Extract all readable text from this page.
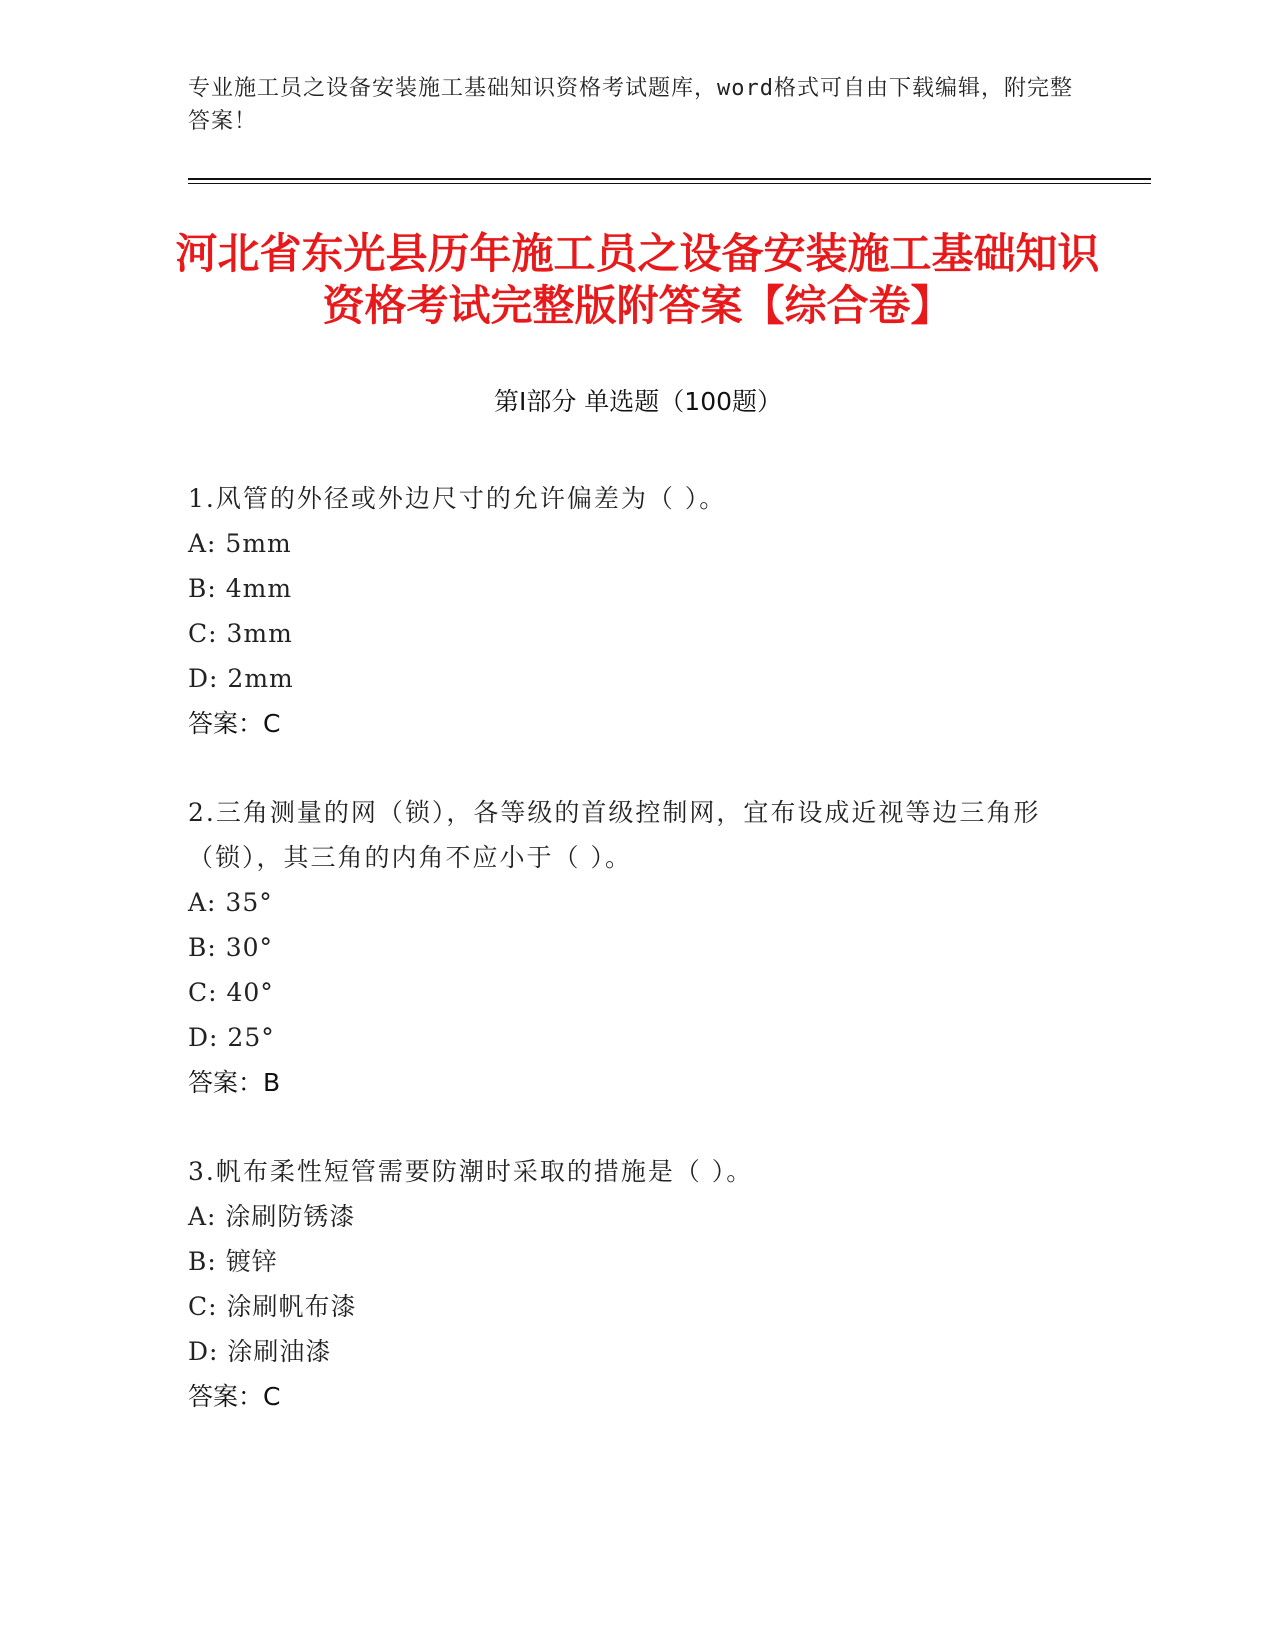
专业施工员之设备安装施工基础知识资格考试题库，word格式可自由下载编辑，附完整答案！
河北省东光县历年施工员之设备安装施工基础知识资格考试完整版附答案【综合卷】
第Ⅰ部分 单选题（100题）
1.风管的外径或外边尺寸的允许偏差为（ ）。
A: 5mm
B: 4mm
C: 3mm
D: 2mm
答案：C
2.三角测量的网（锁），各等级的首级控制网，宜布设成近视等边三角形（锁），其三角的内角不应小于（ ）。
A: 35°
B: 30°
C: 40°
D: 25°
答案：B
3.帆布柔性短管需要防潮时采取的措施是（ ）。
A: 涂刷防锈漆
B: 镀锌
C: 涂刷帆布漆
D: 涂刷油漆
答案：C
